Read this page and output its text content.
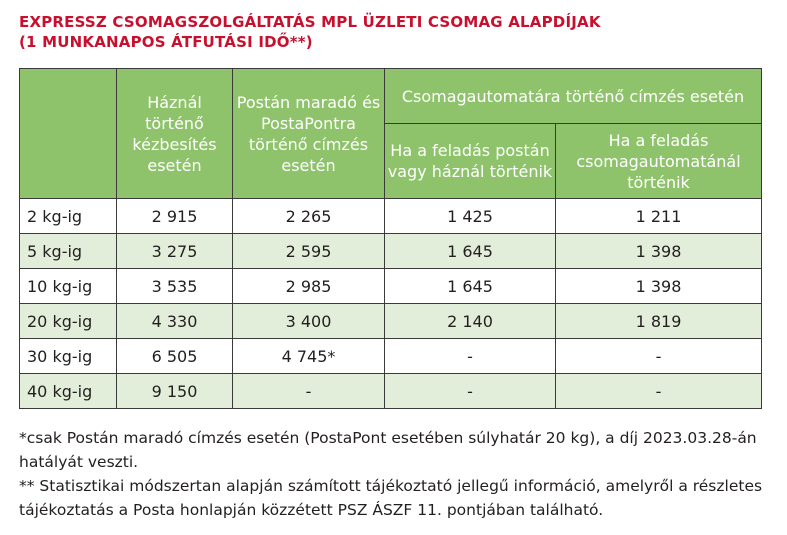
EXPRESSZ CSOMAGSZOLGÁLTATÁS MPL ÜZLETI CSOMAG ALAPDÍJAK
(1 MUNKANAPOS ÁTFUTÁSI IDŐ**)
	Háznál történő kézbesítés esetén	Postán maradó és PostaPontra történő címzés esetén	Csomagautomatára történő címzés esetén	
			Ha a feladás postán vagy háznál történik	Ha a feladás csomagautomatánál történik
2 kg-ig	2 915	2 265	1 425	1 211
5 kg-ig	3 275	2 595	1 645	1 398
10 kg-ig	3 535	2 985	1 645	1 398
20 kg-ig	4 330	3 400	2 140	1 819
30 kg-ig	6 505	4 745*	-	-
40 kg-ig	9 150	-	-	-

*csak Postán maradó címzés esetén (PostaPont esetében súlyhatár 20 kg), a díj 2023.03.28-án hatályát veszti.

** Statisztikai módszertan alapján számított tájékoztató jellegű információ, amelyről a részletes tájékoztatás a Posta honlapján közzétett PSZ ÁSZF 11. pontjában található.
